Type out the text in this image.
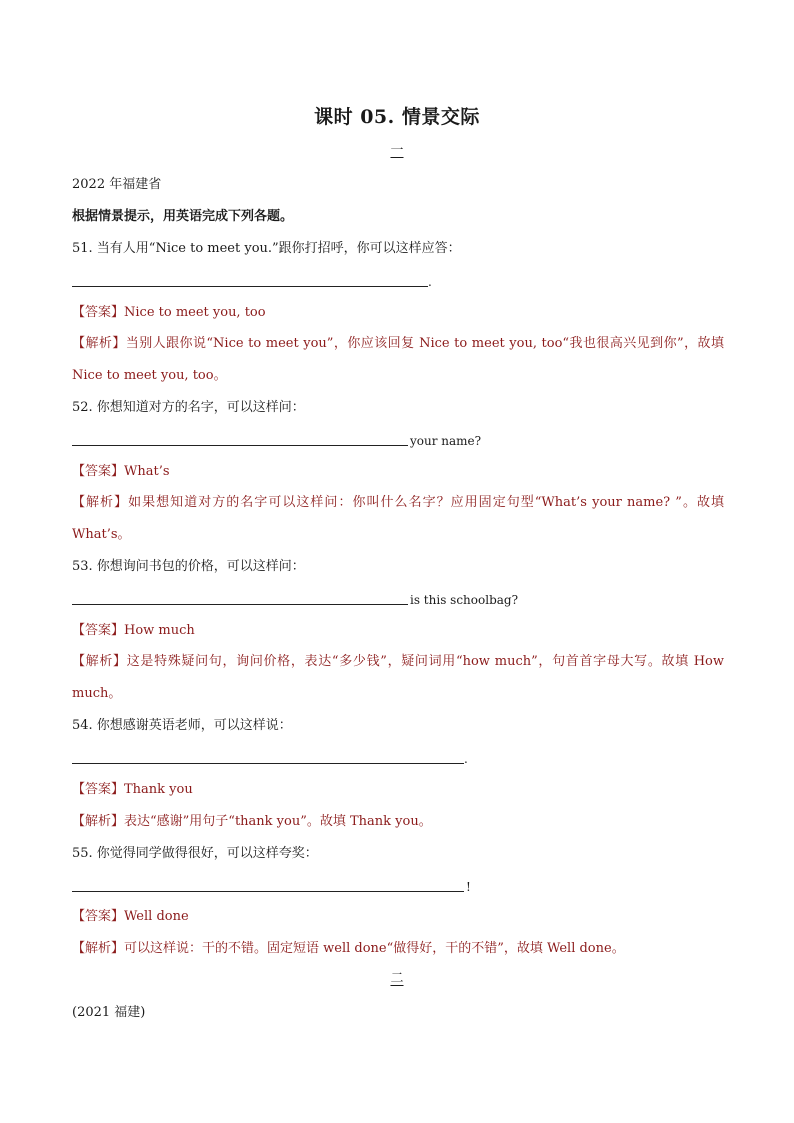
课时 05. 情景交际
一
2022 年福建省
根据情景提示，用英语完成下列各题。
51. 当有人用“Nice to meet you.”跟你打招呼，你可以这样应答：
.
【答案】Nice to meet you, too
【解析】当别人跟你说“Nice to meet you”，你应该回复 Nice to meet you, too“我也很高兴见到你”，故填 Nice to meet you, too。
52. 你想知道对方的名字，可以这样问：
your name?
【答案】What’s
【解析】如果想知道对方的名字可以这样问：你叫什么名字？应用固定句型“What’s your name? ”。故填 What’s。
53. 你想询问书包的价格，可以这样问：
is this schoolbag?
【答案】How much
【解析】这是特殊疑问句，询问价格，表达“多少钱”，疑问词用“how much”，句首首字母大写。故填 How much。
54. 你想感谢英语老师，可以这样说：
.
【答案】Thank you
【解析】表达“感谢”用句子“thank you”。故填 Thank you。
55. 你觉得同学做得很好，可以这样夸奖：
!
【答案】Well done
【解析】可以这样说：干的不错。固定短语 well done“做得好，干的不错”，故填 Well done。
二
(2021 福建)
